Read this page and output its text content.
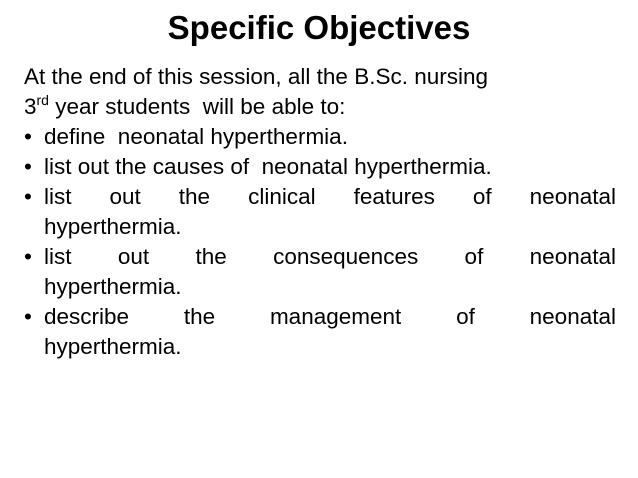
Specific Objectives

At the end of this session, all the B.Sc. nursing
3rd year students  will be able to:

• define  neonatal hyperthermia.
• list out the causes of  neonatal hyperthermia.
• list out the clinical features of neonatal
hyperthermia.
• list out the consequences of neonatal
hyperthermia.
• describe the management of neonatal
hyperthermia.
